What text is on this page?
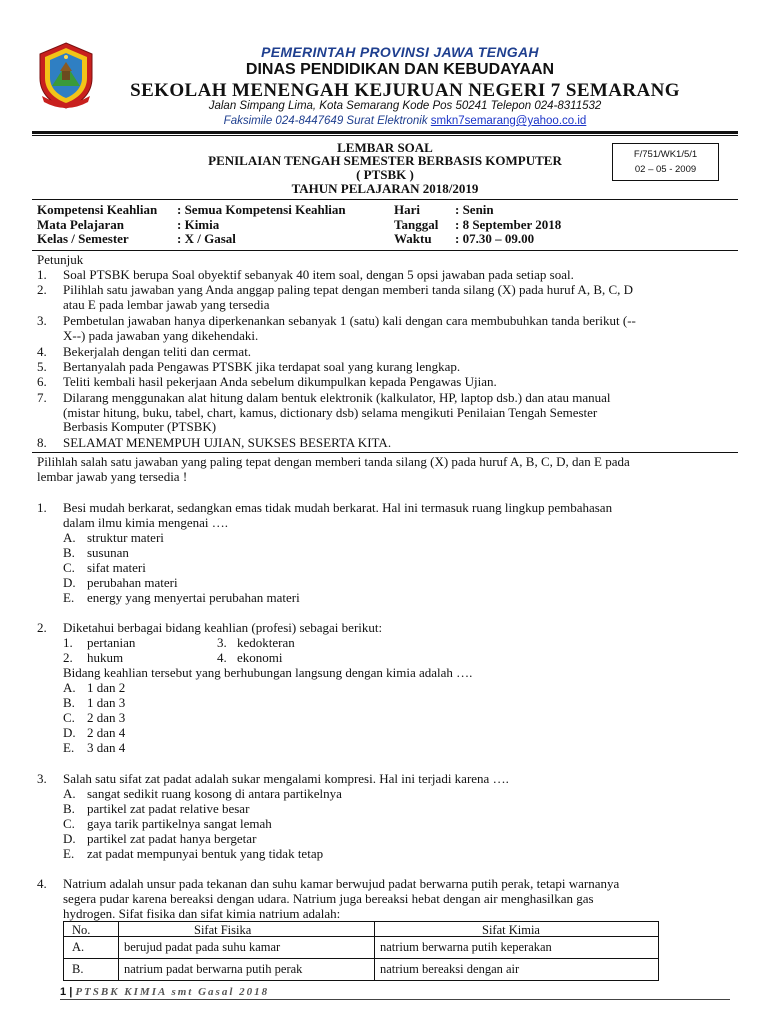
PEMERINTAH PROVINSI JAWA TENGAH
DINAS PENDIDIKAN DAN KEBUDAYAAN
SEKOLAH MENENGAH KEJURUAN NEGERI 7 SEMARANG
Jalan Simpang Lima, Kota Semarang Kode Pos 50241 Telepon 024-8311532
Faksimile 024-8447649 Surat Elektronik smkn7semarang@yahoo.co.id
LEMBAR SOAL
PENILAIAN TENGAH SEMESTER BERBASIS KOMPUTER
( PTSBK )
TAHUN PELAJARAN 2018/2019
F/751/WK1/5/1
02 – 05 - 2009
Kompetensi Keahlian : Semua Kompetensi Keahlian
Mata Pelajaran	: Kimia
Kelas / Semester	: X / Gasal
Hari	: Senin
Tanggal : 8 September 2018
Waktu : 07.30 – 09.00
Petunjuk
1. Soal PTSBK berupa Soal obyektif sebanyak 40 item soal, dengan 5 opsi jawaban pada setiap soal.
2. Pilihlah satu jawaban yang Anda anggap paling tepat dengan memberi tanda silang (X) pada huruf A, B, C, D
atau E pada lembar jawab yang tersedia
3. Pembetulan jawaban hanya diperkenankan sebanyak 1 (satu) kali dengan cara membubuhkan tanda berikut (--
X--) pada jawaban yang dikehendaki.
4. Bekerjalah dengan teliti dan cermat.
5. Bertanyalah pada Pengawas PTSBK jika terdapat soal yang kurang lengkap.
6. Teliti kembali hasil pekerjaan Anda sebelum dikumpulkan kepada Pengawas Ujian.
7. Dilarang menggunakan alat hitung dalam bentuk elektronik (kalkulator, HP, laptop dsb.) dan atau manual
(mistar hitung, buku, tabel, chart, kamus, dictionary dsb) selama mengikuti Penilaian Tengah Semester
Berbasis Komputer (PTSBK)
8. SELAMAT MENEMPUH UJIAN, SUKSES BESERTA KITA.
Pilihlah salah satu jawaban yang paling tepat dengan memberi tanda silang (X) pada huruf A, B, C, D, dan E pada
lembar jawab yang tersedia !
1. Besi mudah berkarat, sedangkan emas tidak mudah berkarat. Hal ini termasuk ruang lingkup pembahasan
dalam ilmu kimia mengenai ….
A. struktur materi
B. susunan
C. sifat materi
D. perubahan materi
E. energy yang menyertai perubahan materi
2. Diketahui berbagai bidang keahlian (profesi) sebagai berikut:
1. pertanian	3. kedokteran
2. hukum	4. ekonomi
Bidang keahlian tersebut yang berhubungan langsung dengan kimia adalah ….
A. 1 dan 2
B. 1 dan 3
C. 2 dan 3
D. 2 dan 4
E. 3 dan 4
3. Salah satu sifat zat padat adalah sukar mengalami kompresi. Hal ini terjadi karena ….
A. sangat sedikit ruang kosong di antara partikelnya
B. partikel zat padat relative besar
C. gaya tarik partikelnya sangat lemah
D. partikel zat padat hanya bergetar
E. zat padat mempunyai bentuk yang tidak tetap
4. Natrium adalah unsur pada tekanan dan suhu kamar berwujud padat berwarna putih perak, tetapi warnanya
segera pudar karena bereaksi dengan udara. Natrium juga bereaksi hebat dengan air menghasilkan gas
hydrogen. Sifat fisika dan sifat kimia natrium adalah:
No.	Sifat Fisika	Sifat Kimia
A.	berujud padat pada suhu kamar	natrium berwarna putih keperakan
B.	natrium padat berwarna putih perak	natrium bereaksi dengan air
1 | PTSBK KIMIA smt Gasal 2018
